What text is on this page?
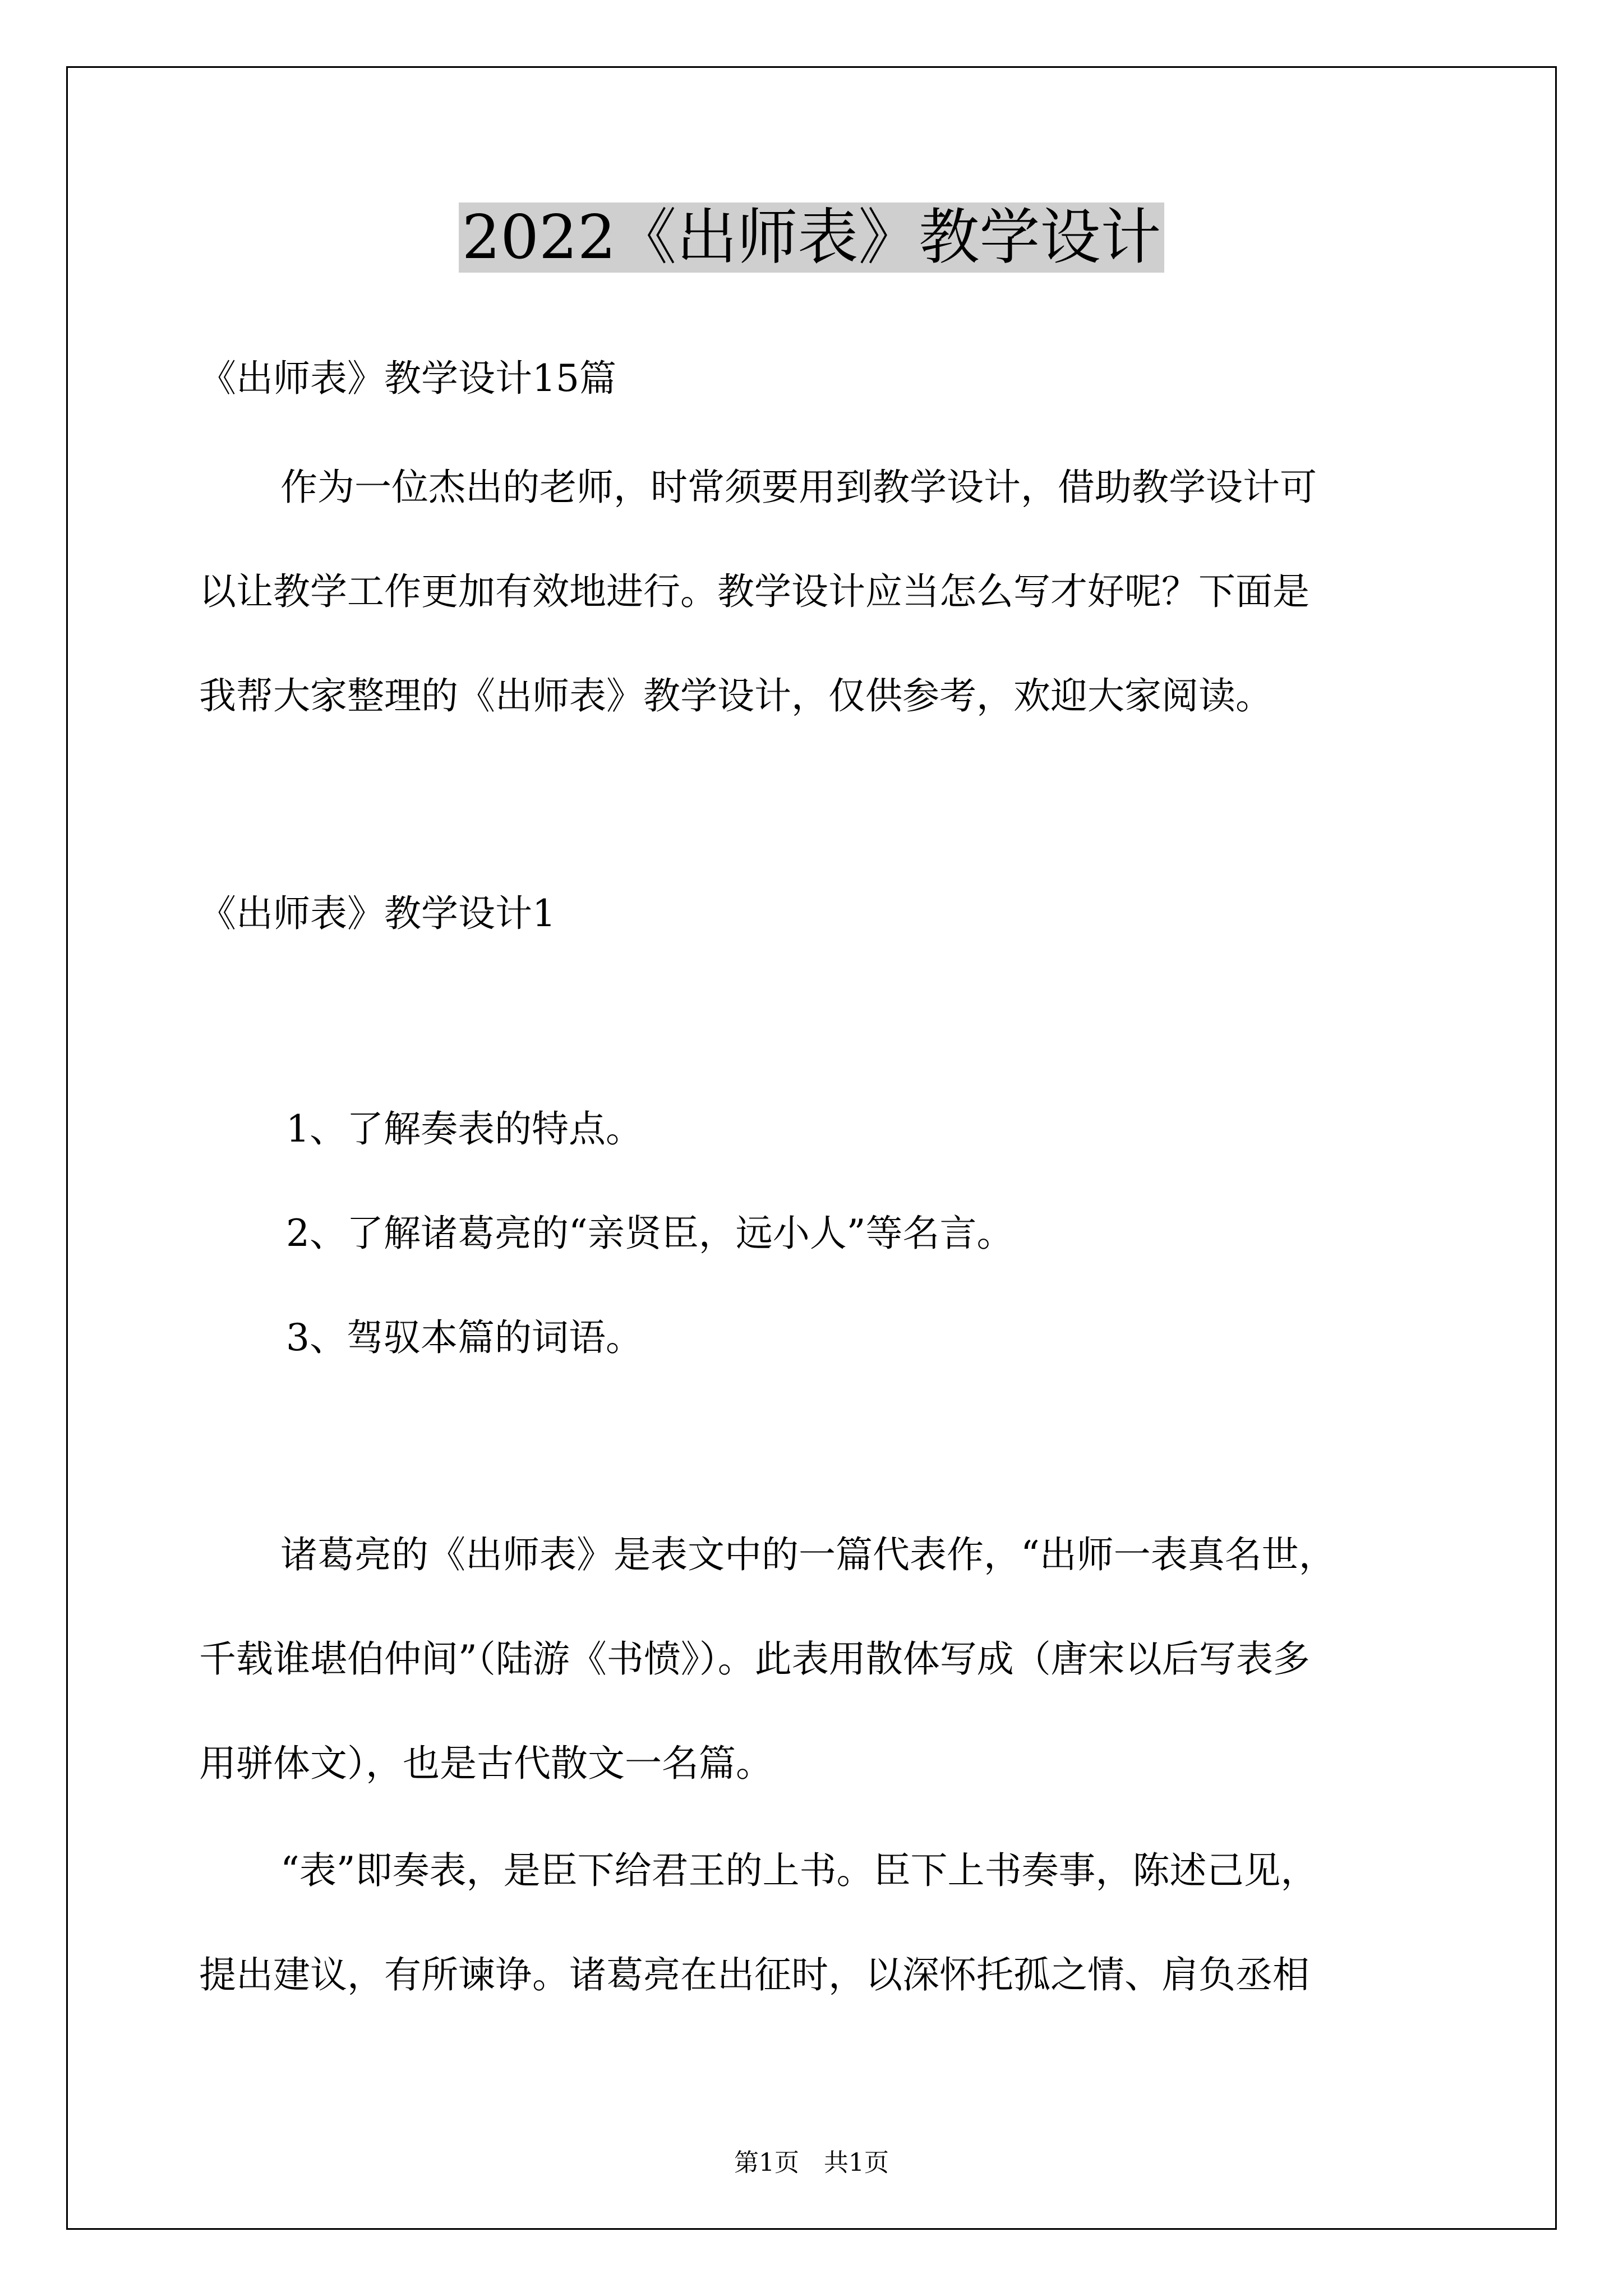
2022《出师表》教学设计
《出师表》教学设计15篇
作为一位杰出的老师，时常须要用到教学设计，借助教学设计可
以让教学工作更加有效地进行。教学设计应当怎么写才好呢？下面是
我帮大家整理的《出师表》教学设计，仅供参考，欢迎大家阅读。
《出师表》教学设计1
1、了解奏表的特点。
2、了解诸葛亮的“亲贤臣，远小人”等名言。
3、驾驭本篇的词语。
诸葛亮的《出师表》是表文中的一篇代表作，“出师一表真名世，
千载谁堪伯仲间”（陆游《书愤》）。此表用散体写成（唐宋以后写表多
用骈体文），也是古代散文一名篇。
“表”即奏表，是臣下给君王的上书。臣下上书奏事，陈述己见，
提出建议，有所谏诤。诸葛亮在出征时，以深怀托孤之情、肩负丞相
第1页 共1页
